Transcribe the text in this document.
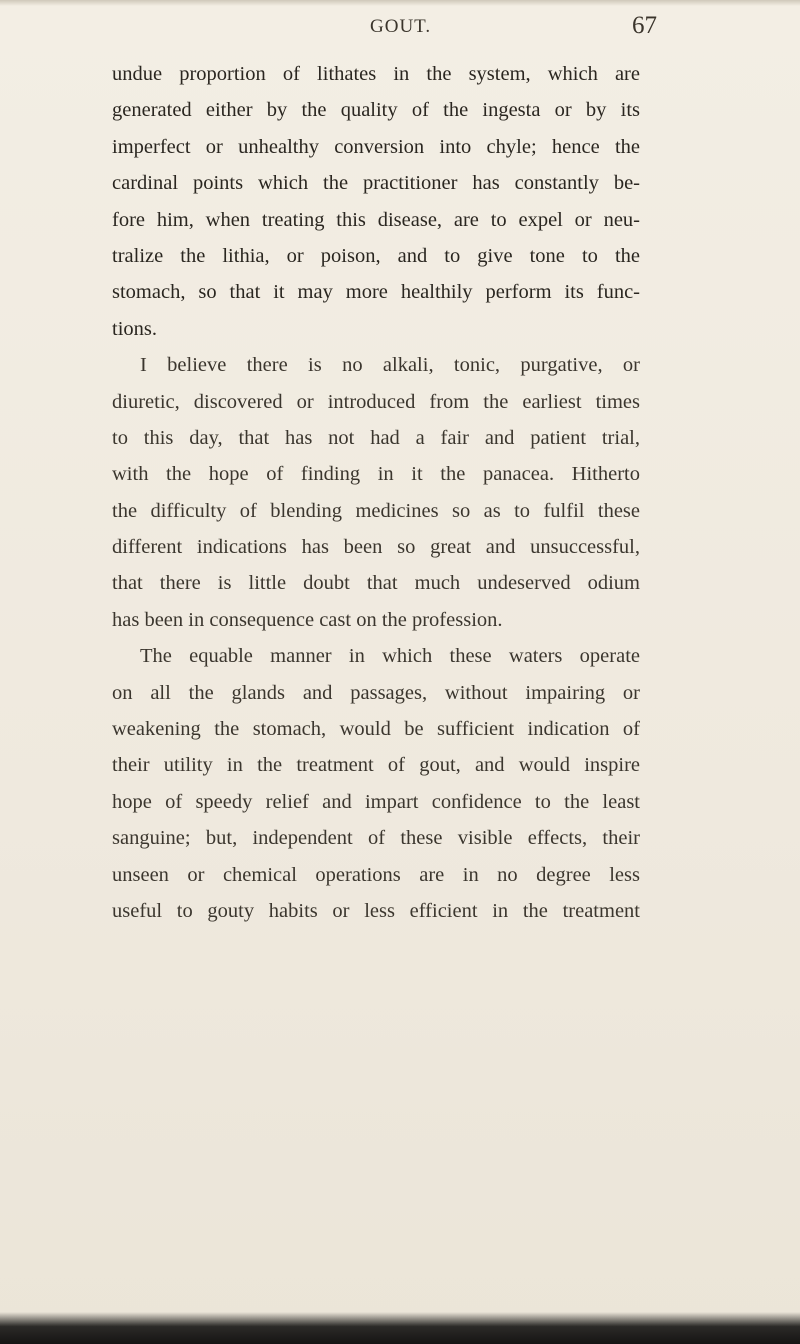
GOUT.	67
undue proportion of lithates in the system, which are
generated either by the quality of the ingesta or by its
imperfect or unhealthy conversion into chyle; hence the
cardinal points which the practitioner has constantly be-
fore him, when treating this disease, are to expel or neu-
tralize the lithia, or poison, and to give tone to the
stomach, so that it may more healthily perform its func-
tions.
I believe there is no alkali, tonic, purgative, or
diuretic, discovered or introduced from the earliest times
to this day, that has not had a fair and patient trial,
with the hope of finding in it the panacea. Hitherto
the difficulty of blending medicines so as to fulfil these
different indications has been so great and unsuccessful,
that there is little doubt that much undeserved odium
has been in consequence cast on the profession.
The equable manner in which these waters operate
on all the glands and passages, without impairing or
weakening the stomach, would be sufficient indication of
their utility in the treatment of gout, and would inspire
hope of speedy relief and impart confidence to the least
sanguine; but, independent of these visible effects, their
unseen or chemical operations are in no degree less
useful to gouty habits or less efficient in the treatment
